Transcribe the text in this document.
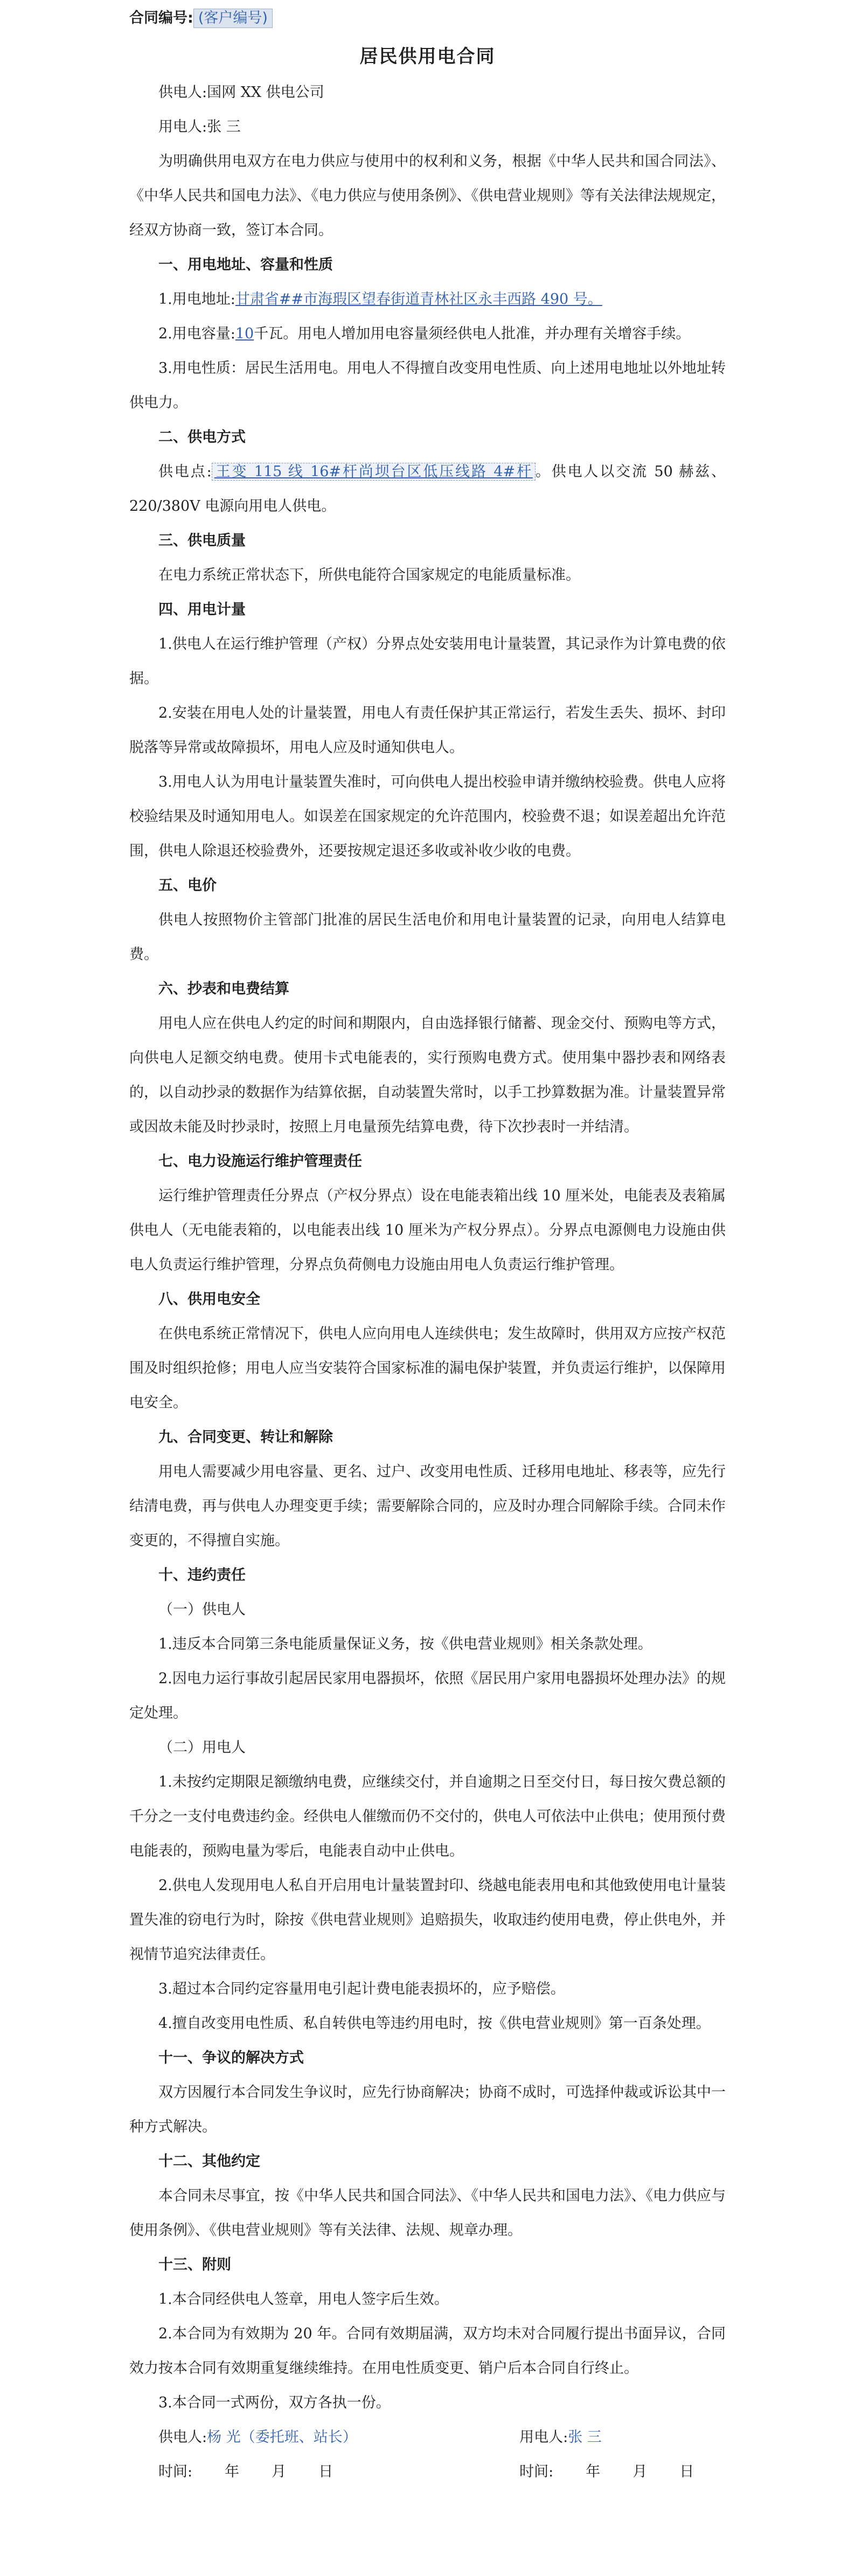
合同编号: (客户编号)
居民供用电合同
供电人:国网 XX 供电公司
用电人:张 三
为明确供用电双方在电力供应与使用中的权利和义务，根据《中华人民共和国合同法》、《中华人民共和国电力法》、《电力供应与使用条例》、《供电营业规则》等有关法律法规规定，经双方协商一致，签订本合同。
一、用电地址、容量和性质
1.用电地址:甘肃省##市海瑕区望春街道青林社区永丰西路 490 号。
2.用电容量:10千瓦。用电人增加用电容量须经供电人批准，并办理有关增容手续。
3.用电性质：居民生活用电。用电人不得擅自改变用电性质、向上述用电地址以外地址转供电力。
二、供电方式
供电点: 王变 115 线 16#杆尚坝台区低压线路 4#杆 。供电人以交流 50 赫兹、220/380V 电源向用电人供电。
三、供电质量
在电力系统正常状态下，所供电能符合国家规定的电能质量标准。
四、用电计量
1.供电人在运行维护管理（产权）分界点处安装用电计量装置，其记录作为计算电费的依据。
2.安装在用电人处的计量装置，用电人有责任保护其正常运行，若发生丢失、损坏、封印脱落等异常或故障损坏，用电人应及时通知供电人。
3.用电人认为用电计量装置失准时，可向供电人提出校验申请并缴纳校验费。供电人应将校验结果及时通知用电人。如误差在国家规定的允许范围内，校验费不退；如误差超出允许范围，供电人除退还校验费外，还要按规定退还多收或补收少收的电费。
五、电价
供电人按照物价主管部门批准的居民生活电价和用电计量装置的记录，向用电人结算电费。
六、抄表和电费结算
用电人应在供电人约定的时间和期限内，自由选择银行储蓄、现金交付、预购电等方式，向供电人足额交纳电费。使用卡式电能表的，实行预购电费方式。使用集中器抄表和网络表的，以自动抄录的数据作为结算依据，自动装置失常时，以手工抄算数据为准。计量装置异常或因故未能及时抄录时，按照上月电量预先结算电费，待下次抄表时一并结清。
七、电力设施运行维护管理责任
运行维护管理责任分界点（产权分界点）设在电能表箱出线 10 厘米处，电能表及表箱属供电人（无电能表箱的，以电能表出线 10 厘米为产权分界点）。分界点电源侧电力设施由供电人负责运行维护管理，分界点负荷侧电力设施由用电人负责运行维护管理。
八、供用电安全
在供电系统正常情况下，供电人应向用电人连续供电；发生故障时，供用双方应按产权范围及时组织抢修；用电人应当安装符合国家标准的漏电保护装置，并负责运行维护，以保障用电安全。
九、合同变更、转让和解除
用电人需要减少用电容量、更名、过户、改变用电性质、迁移用电地址、移表等，应先行结清电费，再与供电人办理变更手续；需要解除合同的，应及时办理合同解除手续。合同未作变更的，不得擅自实施。
十、违约责任
（一）供电人
1.违反本合同第三条电能质量保证义务，按《供电营业规则》相关条款处理。
2.因电力运行事故引起居民家用电器损坏，依照《居民用户家用电器损坏处理办法》的规定处理。
（二）用电人
1.未按约定期限足额缴纳电费，应继续交付，并自逾期之日至交付日，每日按欠费总额的千分之一支付电费违约金。经供电人催缴而仍不交付的，供电人可依法中止供电；使用预付费电能表的，预购电量为零后，电能表自动中止供电。
2.供电人发现用电人私自开启用电计量装置封印、绕越电能表用电和其他致使用电计量装置失准的窃电行为时，除按《供电营业规则》追赔损失，收取违约使用电费，停止供电外，并视情节追究法律责任。
3.超过本合同约定容量用电引起计费电能表损坏的，应予赔偿。
4.擅自改变用电性质、私自转供电等违约用电时，按《供电营业规则》第一百条处理。
十一、争议的解决方式
双方因履行本合同发生争议时，应先行协商解决；协商不成时，可选择仲裁或诉讼其中一种方式解决。
十二、其他约定
本合同未尽事宜，按《中华人民共和国合同法》、《中华人民共和国电力法》、《电力供应与使用条例》、《供电营业规则》等有关法律、法规、规章办理。
十三、附则
1.本合同经供电人签章，用电人签字后生效。
2.本合同为有效期为 20 年。合同有效期届满，双方均未对合同履行提出书面异议，合同效力按本合同有效期重复继续维持。在用电性质变更、销户后本合同自行终止。
3.本合同一式两份，双方各执一份。
供电人:杨 光（委托班、站长）	用电人:张 三
时间: 年 月 日	时间: 年 月 日
